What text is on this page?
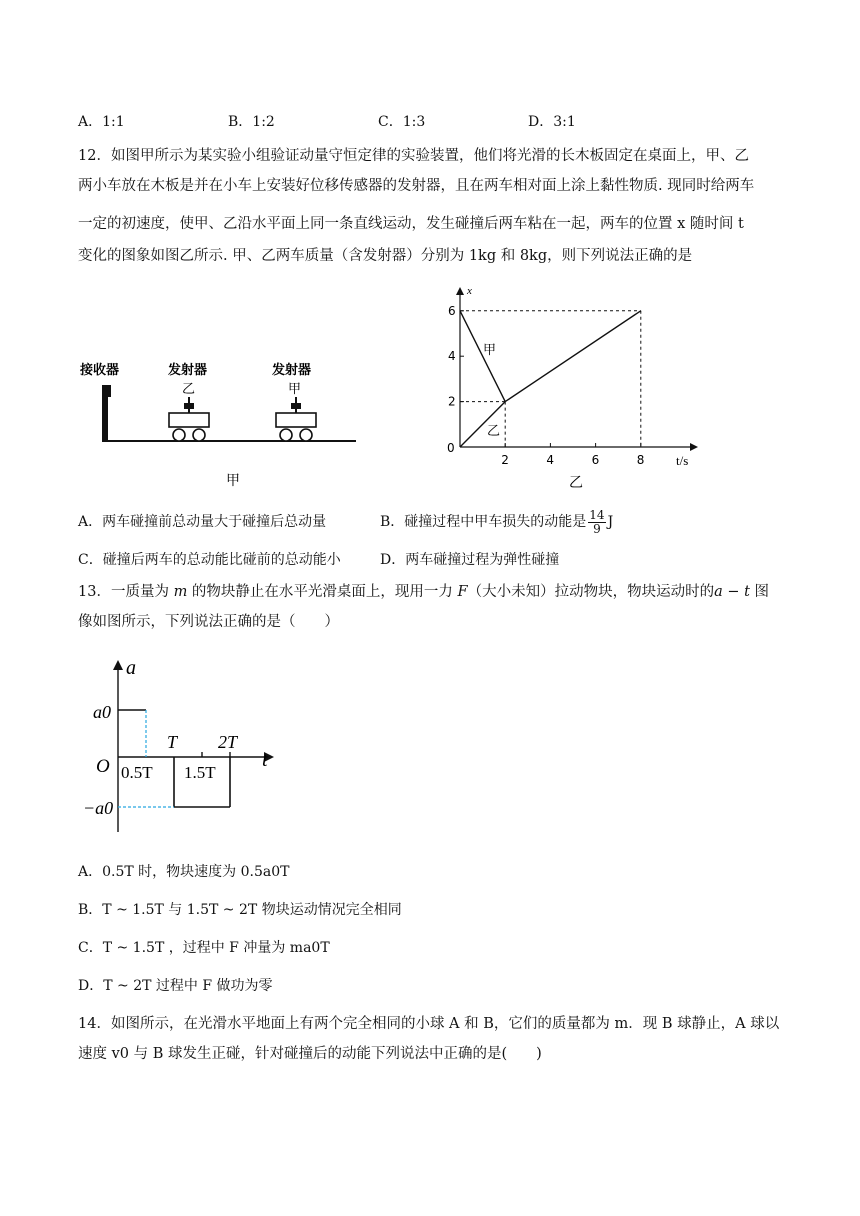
A．1:1	B．1:2	C．1:3	D．3:1
12．如图甲所示为某实验小组验证动量守恒定律的实验装置，他们将光滑的长木板固定在桌面上，甲、乙
两小车放在木板是并在小车上安装好位移传感器的发射器，且在两车相对面上涂上黏性物质. 现同时给两车
一定的初速度，使甲、乙沿水平面上同一条直线运动，发生碰撞后两车粘在一起，两车的位置 x 随时间 t
变化的图象如图乙所示. 甲、乙两车质量（含发射器）分别为 1kg 和 8kg，则下列说法正确的是
接收器	发射器
乙
发射器
甲
甲
x
t/s
0
2	4	6	8
2
4
6
甲
乙
乙
A．两车碰撞前总动量大于碰撞后总动量	B．碰撞过程中甲车损失的动能是 $\frac{14}{9}$ J
C．碰撞后两车的总动能比碰前的总动能小	D．两车碰撞过程为弹性碰撞
13．一质量为 m 的物块静止在水平光滑桌面上，现用一力 F（大小未知）拉动物块，物块运动时的a − t 图
像如图所示，下列说法正确的是（　　）
a
t
O
a0
−a0
T 2T
0.5T 1.5T
A．0.5T 时，物块速度为 0.5a0T
B．T ~ 1.5T 与 1.5T ~ 2T 物块运动情况完全相同
C．T ~ 1.5T ，过程中 F 冲量为 ma0T
D．T ~ 2T 过程中 F 做功为零
14．如图所示，在光滑水平地面上有两个完全相同的小球 A 和 B，它们的质量都为 m．现 B 球静止，A 球以
速度 v0 与 B 球发生正碰，针对碰撞后的动能下列说法中正确的是(　　)
